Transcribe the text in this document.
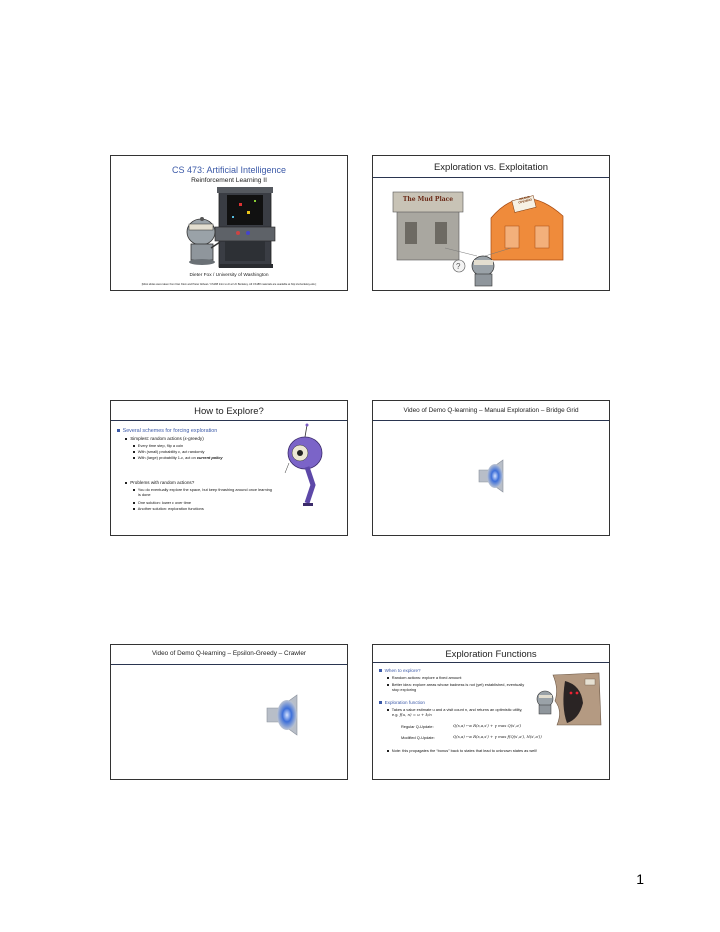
CS 473: Artificial Intelligence
Reinforcement Learning II
Dieter Fox / University of Washington
[Most slides were taken from Dan Klein and Pieter Abbeel / CS188 Intro to AI at UC Berkeley. All CS188 materials are available at http://ai.berkeley.edu.]
Exploration vs. Exploitation
?
The Mud Place	GRAND OPENING
How to Explore?
Several schemes for forcing exploration
Simplest: random actions (ε-greedy)
Every time step, flip a coin
With (small) probability ε, act randomly
With (large) probability 1-ε, act on current policy
Problems with random actions?
You do eventually explore the space, but keep thrashing around once learning is done
One solution: lower ε over time
Another solution: exploration functions
Video of Demo Q-learning – Manual Exploration – Bridge Grid
Video of Demo Q-learning – Epsilon-Greedy – Crawler	Exploration Functions
When to explore?
Random actions: explore a fixed amount
Better idea: explore areas whose badness is not (yet) established, eventually stop exploring
Exploration function
Takes a value estimate u and a visit count n, and returns an optimistic utility, e.g. f(u, n) = u + k/n
Regular Q-Update:	Q(s,a) ←α R(s,a,s′) + γ max Q(s′,a′)
Modified Q-Update:	Q(s,a) ←α R(s,a,s′) + γ max f(Q(s′,a′), N(s′,a′))
Note: this propagates the “bonus” back to states that lead to unknown states as well!
1
